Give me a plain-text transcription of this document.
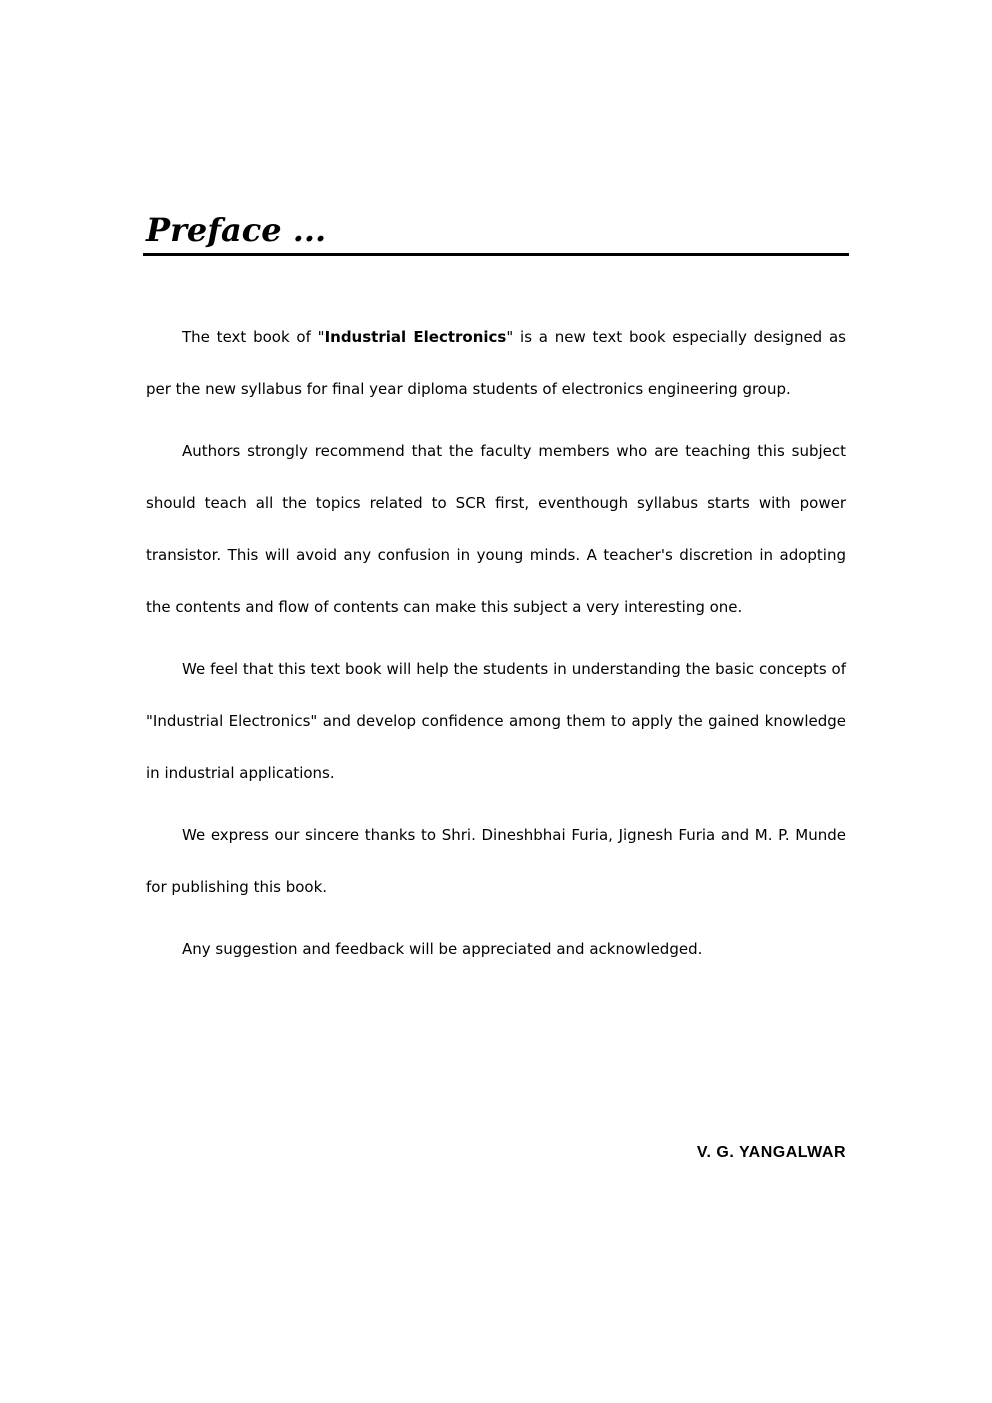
Preface ...

The text book of "Industrial Electronics" is a new text book especially designed as per the new syllabus for final year diploma students of electronics engineering group.

Authors strongly recommend that the faculty members who are teaching this subject should teach all the topics related to SCR first, eventhough syllabus starts with power transistor. This will avoid any confusion in young minds. A teacher's discretion in adopting the contents and flow of contents can make this subject a very interesting one.

We feel that this text book will help the students in understanding the basic concepts of "Industrial Electronics" and develop confidence among them to apply the gained knowledge in industrial applications.

We express our sincere thanks to Shri. Dineshbhai Furia, Jignesh Furia and M. P. Munde for publishing this book.

Any suggestion and feedback will be appreciated and acknowledged.

V. G. YANGALWAR
